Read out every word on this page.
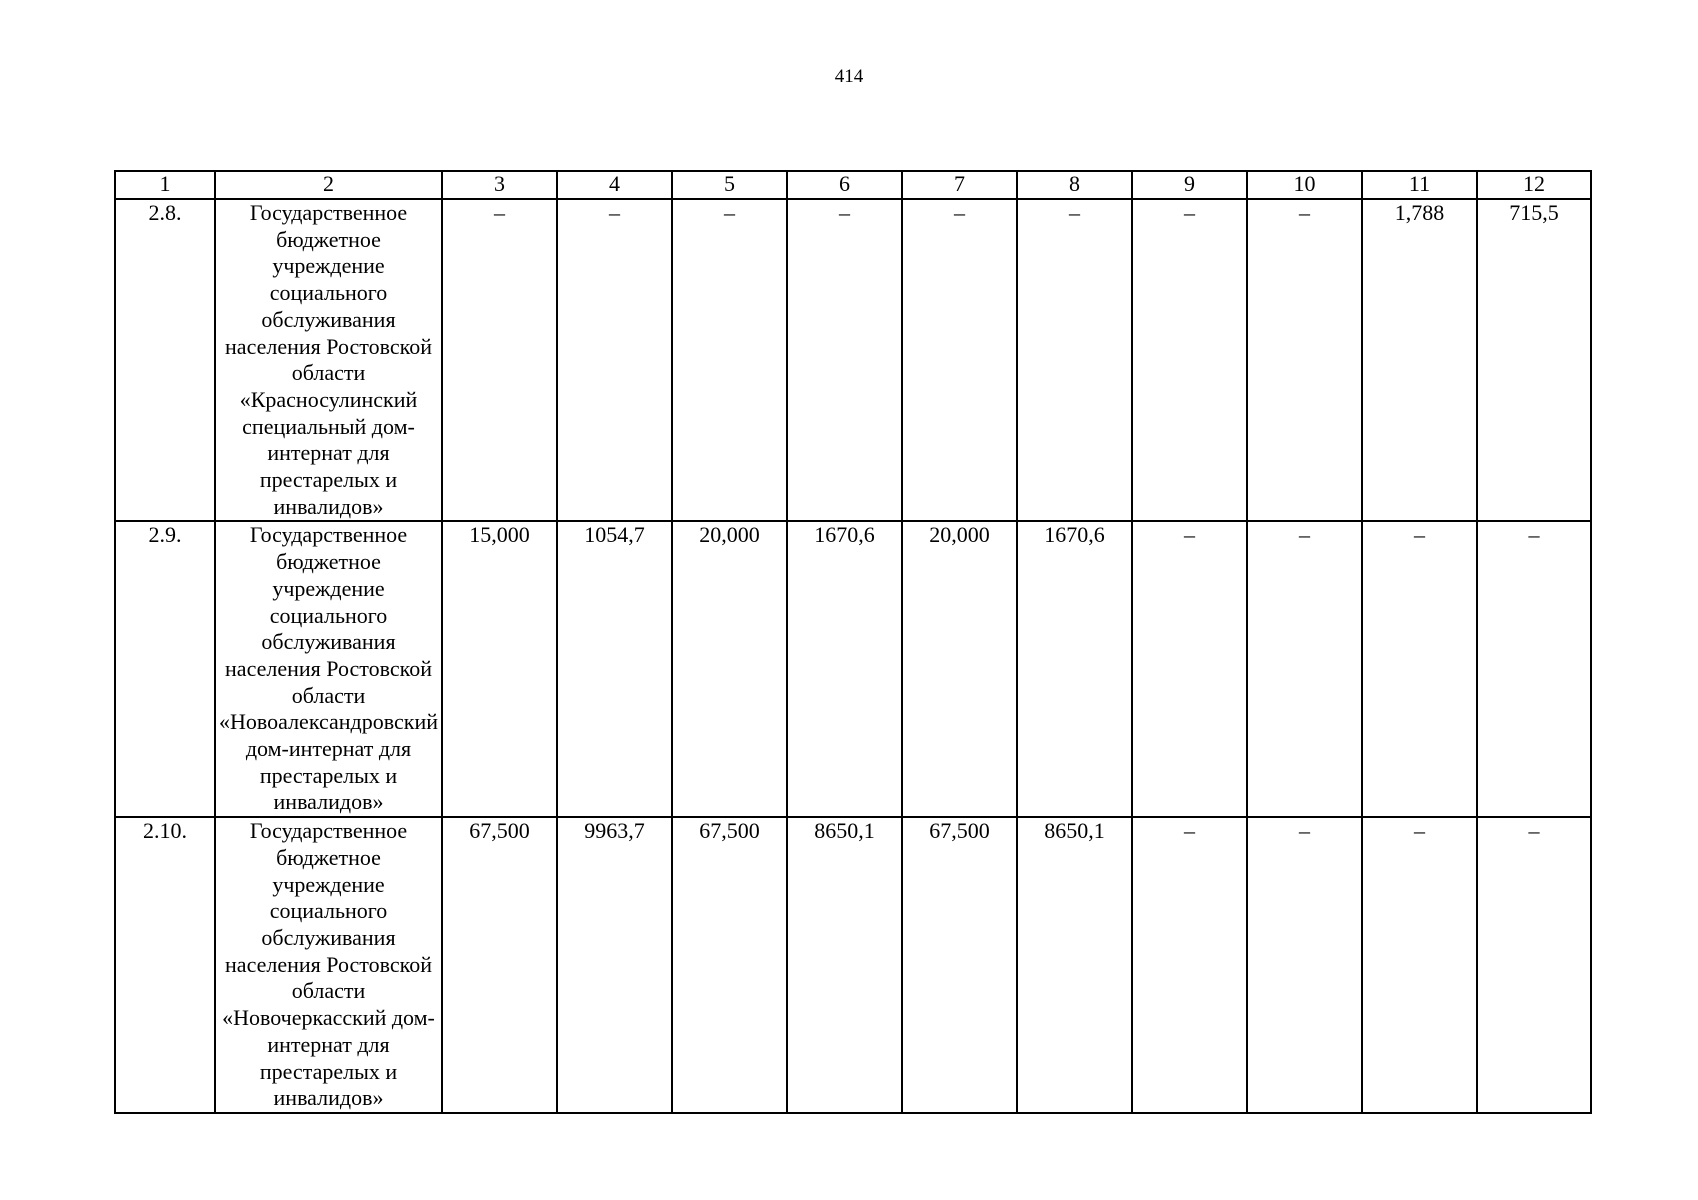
414
1	2	3	4	5	6	7	8	9	10	11	12
2.8.	Государственное бюджетное учреждение социального обслуживания населения Ростовской области «Красносулинский специальный дом-интернат для престарелых и инвалидов»	–	–	–	–	–	–	–	–	1,788	715,5
2.9.	Государственное бюджетное учреждение социального обслуживания населения Ростовской области «Новоалександровский дом-интернат для престарелых и инвалидов»	15,000	1054,7	20,000	1670,6	20,000	1670,6	–	–	–	–
2.10.	Государственное бюджетное учреждение социального обслуживания населения Ростовской области «Новочеркасский дом-интернат для престарелых и инвалидов»	67,500	9963,7	67,500	8650,1	67,500	8650,1	–	–	–	–
